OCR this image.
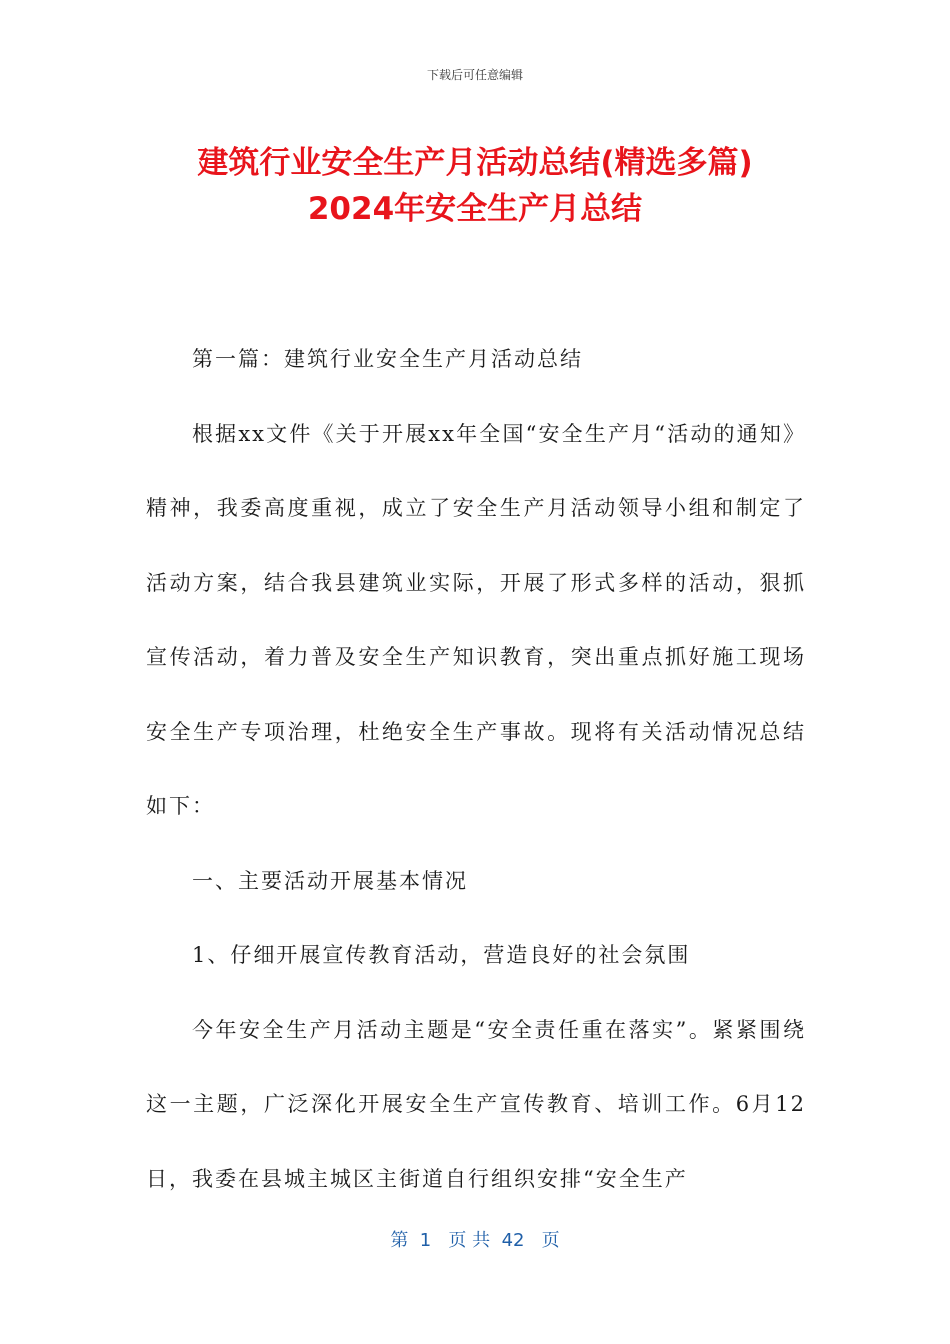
下载后可任意编辑
建筑行业安全生产月活动总结(精选多篇)
2024年安全生产月总结

第一篇：建筑行业安全生产月活动总结

根据xx文件《关于开展xx年全国“安全生产月“活动的通知》精神，我委高度重视，成立了安全生产月活动领导小组和制定了活动方案，结合我县建筑业实际，开展了形式多样的活动，狠抓宣传活动，着力普及安全生产知识教育，突出重点抓好施工现场安全生产专项治理，杜绝安全生产事故。现将有关活动情况总结如下：

一、主要活动开展基本情况

1、仔细开展宣传教育活动，营造良好的社会氛围

今年安全生产月活动主题是“安全责任重在落实”。紧紧围绕这一主题，广泛深化开展安全生产宣传教育、培训工作。6月12日，我委在县城主城区主街道自行组织安排“安全生产

第  1   页 共  42   页
